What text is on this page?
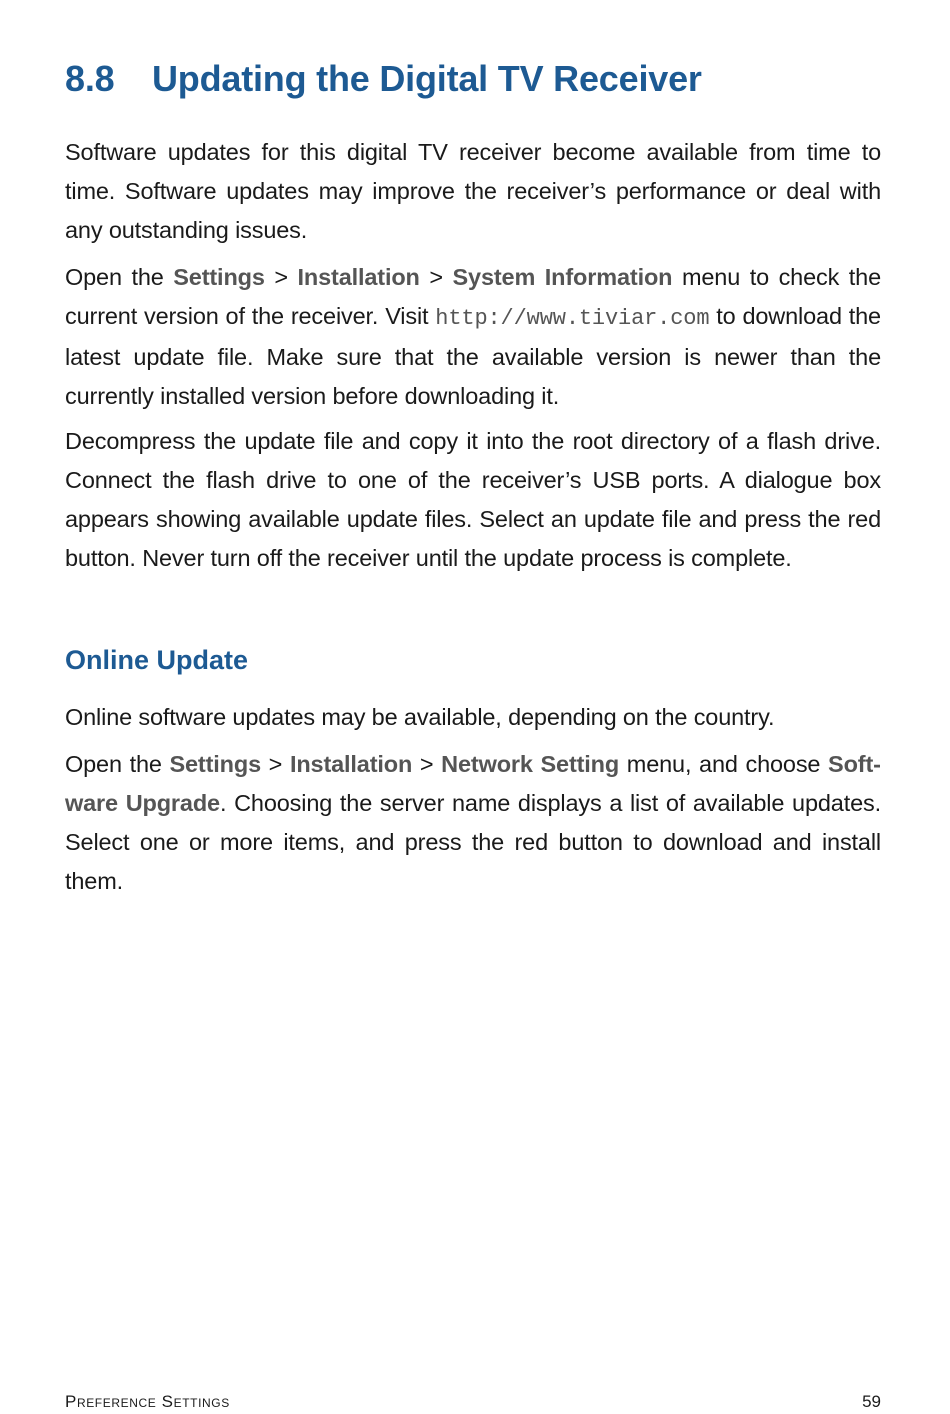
8.8 Updating the Digital TV Receiver

Software updates for this digital TV receiver become available from time to time. Software updates may improve the receiver’s performance or deal with any outstanding issues.

Open the Settings > Installation > System Information menu to check the current version of the receiver. Visit http://www.tiviar.com to download the latest update file. Make sure that the available version is newer than the currently installed version before downloading it.

Decompress the update file and copy it into the root directory of a flash drive. Connect the flash drive to one of the receiver’s USB ports. A dialogue box appears showing available update files. Select an update file and press the red button. Never turn off the receiver until the update process is complete.

Online Update

Online software updates may be available, depending on the country.

Open the Settings > Installation > Network Setting menu, and choose Software Upgrade. Choosing the server name displays a list of available updates. Select one or more items, and press the red button to download and install them.

Preference Settings	59
